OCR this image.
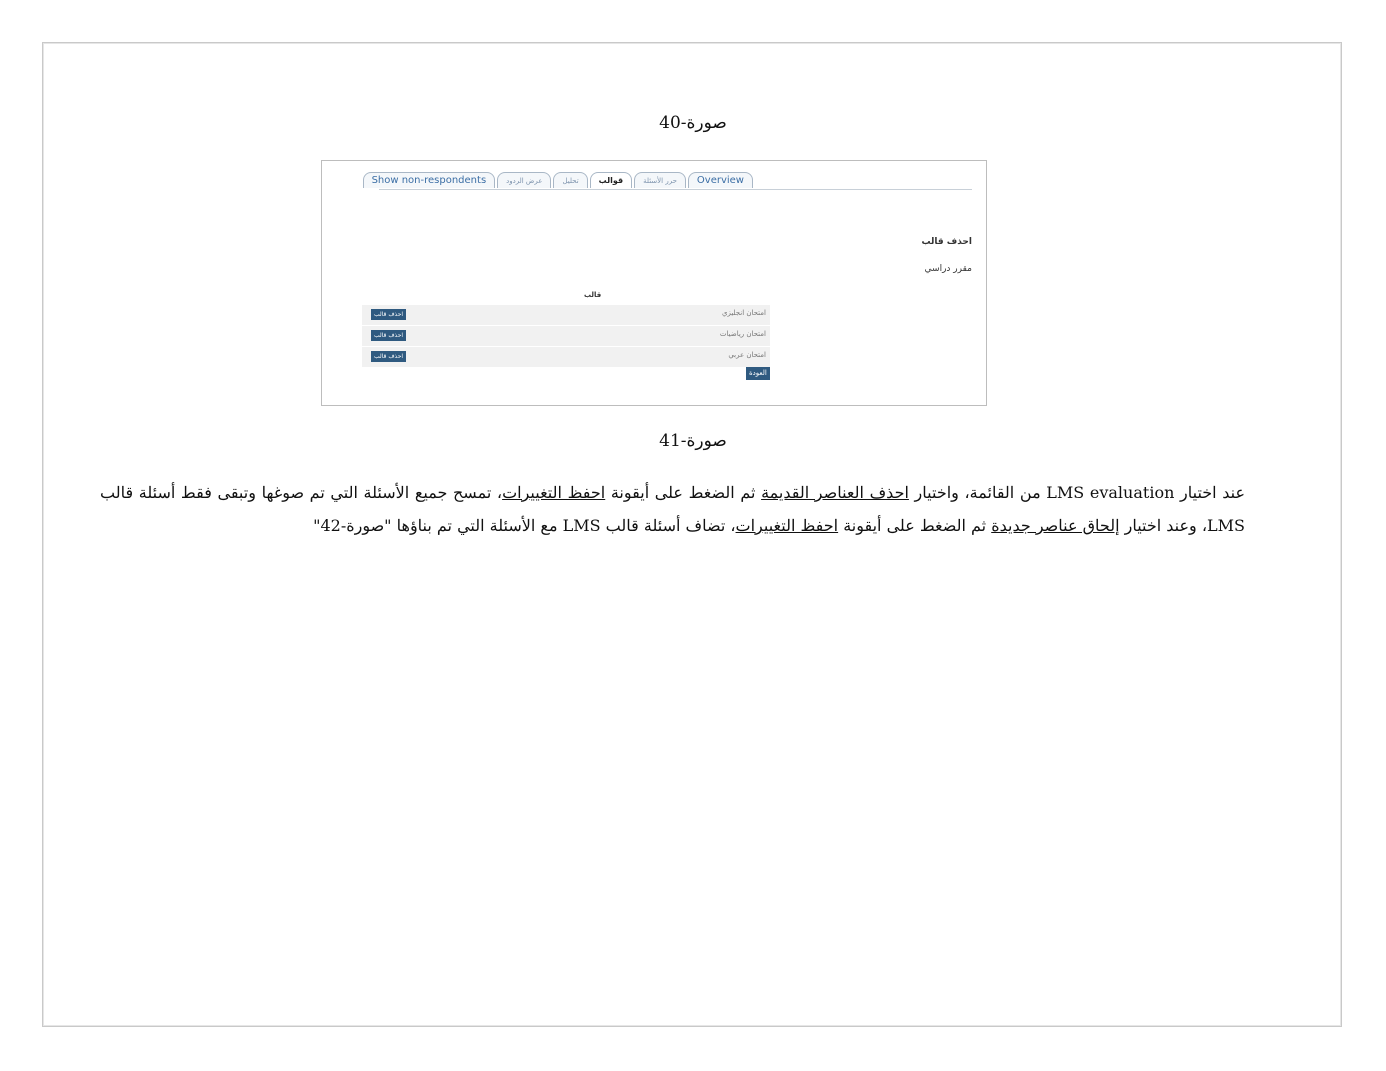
صورة-40
Overview
حرر الأسئلة
قوالب
تحليل
عرض الردود
Show non-respondents
احذف قالب
مقرر دراسي
قالب
امتحان انجليزي
احذف قالب
امتحان رياضيات
احذف قالب
امتحان عربي
احذف قالب
العودة
صورة-41
عند اختيار LMS evaluation من القائمة، واختيار احذف العناصر القديمة ثم الضغط على أيقونة احفظ التغييرات، تمسح جميع الأسئلة التي تم صوغها وتبقى فقط أسئلة قالب LMS، وعند اختيار إلحاق عناصر جديدة ثم الضغط على أيقونة احفظ التغييرات، تضاف أسئلة قالب LMS مع الأسئلة التي تم بناؤها "صورة-42"
